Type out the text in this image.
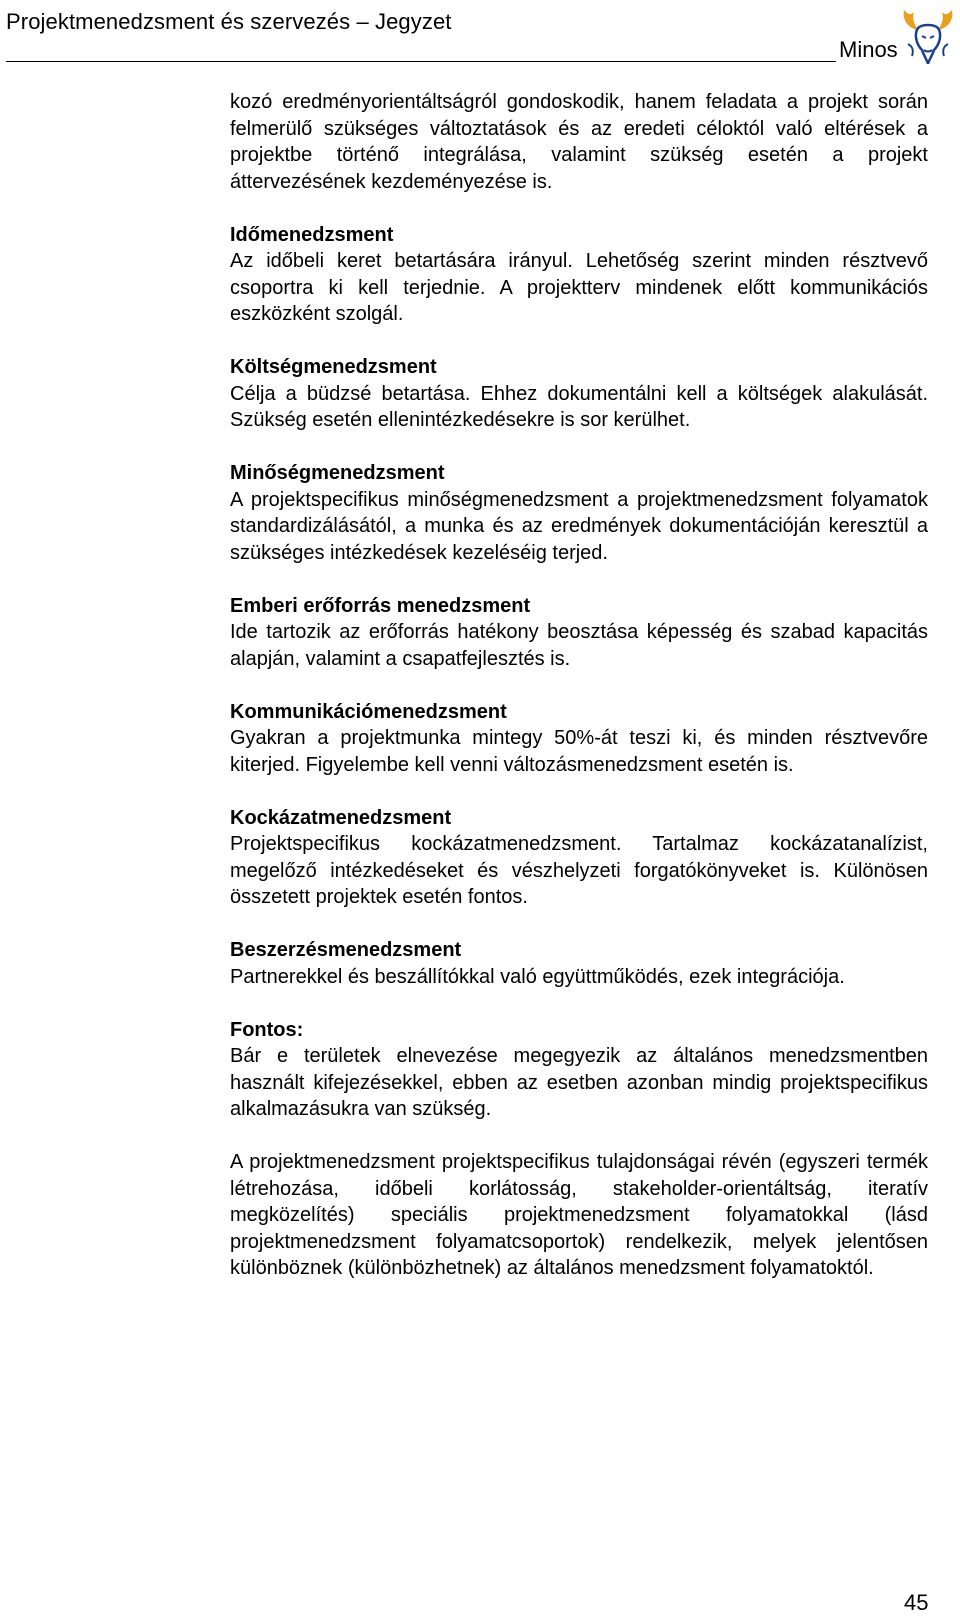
Projektmenedzsment és szervezés – Jegyzet
Minos

kozó eredményorientáltságról gondoskodik, hanem feladata a projekt során felmerülő szükséges változtatások és az eredeti céloktól való eltérések a projektbe történő integrálása, valamint szükség esetén a projekt áttervezésének kezdeményezése is.

Időmenedzsment
Az időbeli keret betartására irányul. Lehetőség szerint minden résztvevő csoportra ki kell terjednie. A projektterv mindenek előtt kommunikációs eszközként szolgál.

Költségmenedzsment
Célja a büdzsé betartása. Ehhez dokumentálni kell a költségek alakulását. Szükség esetén ellenintézkedésekre is sor kerülhet.

Minőségmenedzsment
A projektspecifikus minőségmenedzsment a projektmenedzsment folyamatok standardizálásától, a munka és az eredmények dokumentációján keresztül a szükséges intézkedések kezeléséig terjed.

Emberi erőforrás menedzsment
Ide tartozik az erőforrás hatékony beosztása képesség és szabad kapacitás alapján, valamint a csapatfejlesztés is.

Kommunikációmenedzsment
Gyakran a projektmunka mintegy 50%-át teszi ki, és minden résztvevőre kiterjed. Figyelembe kell venni változásmenedzsment esetén is.

Kockázatmenedzsment
Projektspecifikus kockázatmenedzsment. Tartalmaz kockázatanalízist, megelőző intézkedéseket és vészhelyzeti forgatókönyveket is. Különösen összetett projektek esetén fontos.

Beszerzésmenedzsment
Partnerekkel és beszállítókkal való együttműködés, ezek integrációja.

Fontos:
Bár e területek elnevezése megegyezik az általános menedzsmentben használt kifejezésekkel, ebben az esetben azonban mindig projektspecifikus alkalmazásukra van szükség.

A projektmenedzsment projektspecifikus tulajdonságai révén (egyszeri termék létrehozása, időbeli korlátosság, stakeholder-orientáltság, iteratív megközelítés) speciális projektmenedzsment folyamatokkal (lásd projektmenedzsment folyamatcsoportok) rendelkezik, melyek jelentősen különböznek (különbözhetnek) az általános menedzsment folyamatoktól.

45
